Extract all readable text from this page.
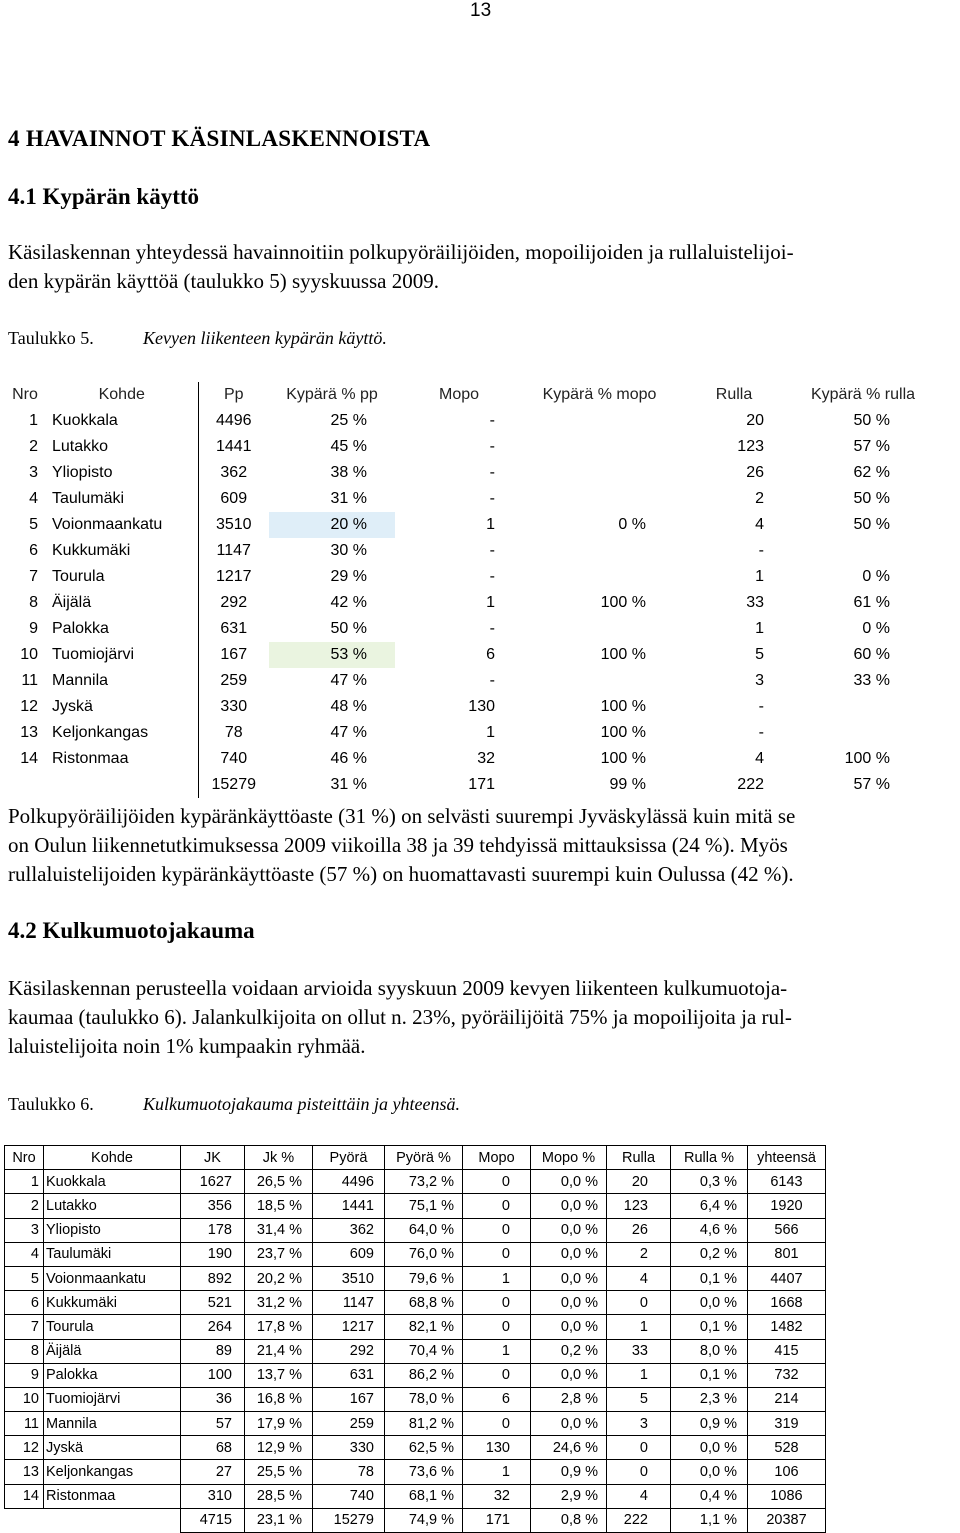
13
4 HAVAINNOT KÄSINLASKENNOISTA
4.1 Kypärän käyttö
Käsilaskennan yhteydessä havainnoitiin polkupyöräilijöiden, mopoilijoiden ja rullaluistelijoi-
den kypärän käyttöä (taulukko 5) syyskuussa 2009.
Taulukko 5.	Kevyen liikenteen kypärän käyttö.
Nro	Kohde	Pp	Kypärä % pp	Mopo	Kypärä % mopo	Rulla	Kypärä % rulla
1	Kuokkala	4496	25 %	-		20	50 %
2	Lutakko	1441	45 %	-		123	57 %
3	Yliopisto	362	38 %	-		26	62 %
4	Taulumäki	609	31 %	-		2	50 %
5	Voionmaankatu	3510	20 %	1	0 %	4	50 %
6	Kukkumäki	1147	30 %	-		-	
7	Tourula	1217	29 %	-		1	0 %
8	Äijälä	292	42 %	1	100 %	33	61 %
9	Palokka	631	50 %	-		1	0 %
10	Tuomiojärvi	167	53 %	6	100 %	5	60 %
11	Mannila	259	47 %	-		3	33 %
12	Jyskä	330	48 %	130	100 %	-	
13	Keljonkangas	78	47 %	1	100 %	-	
14	Ristonmaa	740	46 %	32	100 %	4	100 %
		15279	31 %	171	99 %	222	57 %
Polkupyöräilijöiden kypäränkäyttöaste (31 %) on selvästi suurempi Jyväskylässä kuin mitä se
on Oulun liikennetutkimuksessa 2009 viikoilla 38 ja 39 tehdyissä mittauksissa (24 %). Myös
rullaluistelijoiden kypäränkäyttöaste (57 %) on huomattavasti suurempi kuin Oulussa (42 %).
4.2 Kulkumuotojakauma
Käsilaskennan perusteella voidaan arvioida syyskuun 2009 kevyen liikenteen kulkumuotoja-
kaumaa (taulukko 6). Jalankulkijoita on ollut n. 23%, pyöräilijöitä 75% ja mopoilijoita ja rul-
laluistelijoita noin 1% kumpaakin ryhmää.
Taulukko 6.	Kulkumuotojakauma pisteittäin ja yhteensä.
Nro	Kohde	JK	Jk %	Pyörä	Pyörä %	Mopo	Mopo %	Rulla	Rulla %	yhteensä
1	Kuokkala	1627	26,5 %	4496	73,2 %	0	0,0 %	20	0,3 %	6143
2	Lutakko	356	18,5 %	1441	75,1 %	0	0,0 %	123	6,4 %	1920
3	Yliopisto	178	31,4 %	362	64,0 %	0	0,0 %	26	4,6 %	566
4	Taulumäki	190	23,7 %	609	76,0 %	0	0,0 %	2	0,2 %	801
5	Voionmaankatu	892	20,2 %	3510	79,6 %	1	0,0 %	4	0,1 %	4407
6	Kukkumäki	521	31,2 %	1147	68,8 %	0	0,0 %	0	0,0 %	1668
7	Tourula	264	17,8 %	1217	82,1 %	0	0,0 %	1	0,1 %	1482
8	Äijälä	89	21,4 %	292	70,4 %	1	0,2 %	33	8,0 %	415
9	Palokka	100	13,7 %	631	86,2 %	0	0,0 %	1	0,1 %	732
10	Tuomiojärvi	36	16,8 %	167	78,0 %	6	2,8 %	5	2,3 %	214
11	Mannila	57	17,9 %	259	81,2 %	0	0,0 %	3	0,9 %	319
12	Jyskä	68	12,9 %	330	62,5 %	130	24,6 %	0	0,0 %	528
13	Keljonkangas	27	25,5 %	78	73,6 %	1	0,9 %	0	0,0 %	106
14	Ristonmaa	310	28,5 %	740	68,1 %	32	2,9 %	4	0,4 %	1086
		4715	23,1 %	15279	74,9 %	171	0,8 %	222	1,1 %	20387
